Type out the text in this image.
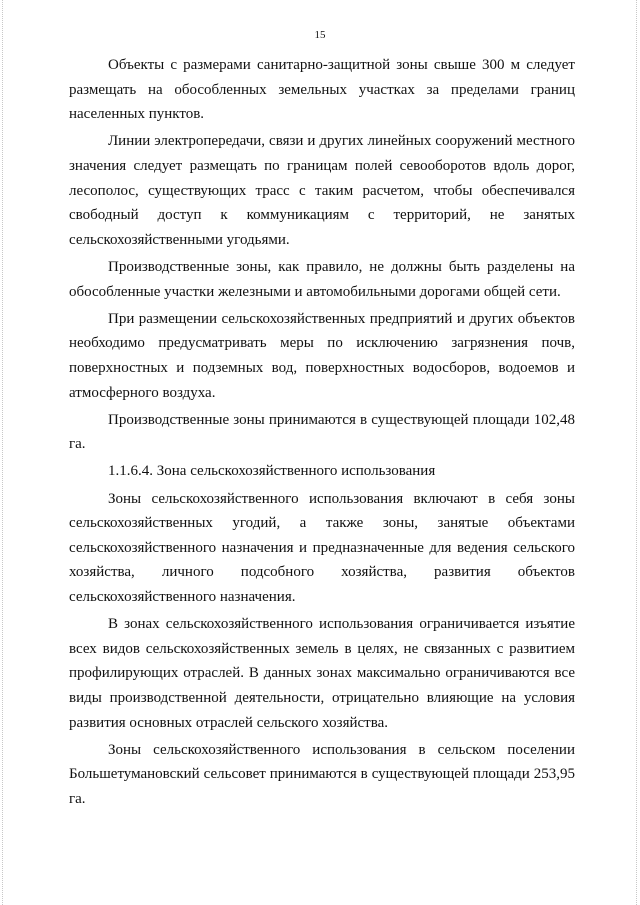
15

Объекты с размерами санитарно-защитной зоны свыше 300 м следует размещать на обособленных земельных участках за пределами границ населенных пунктов.

Линии электропередачи, связи и других линейных сооружений местного значения следует размещать по границам полей севооборотов вдоль дорог, лесополос, существующих трасс с таким расчетом, чтобы обеспечивался свободный доступ к коммуникациям с территорий, не занятых сельскохозяйственными угодьями.

Производственные зоны, как правило, не должны быть разделены на обособленные участки железными и автомобильными дорогами общей сети.

При размещении сельскохозяйственных предприятий и других объектов необходимо предусматривать меры по исключению загрязнения почв, поверхностных и подземных вод, поверхностных водосборов, водоемов и атмосферного воздуха.

Производственные зоны принимаются в существующей площади 102,48 га.

1.1.6.4. Зона сельскохозяйственного использования

Зоны сельскохозяйственного использования включают в себя зоны сельскохозяйственных угодий, а также зоны, занятые объектами сельскохозяйственного назначения и предназначенные для ведения сельского хозяйства, личного подсобного хозяйства, развития объектов сельскохозяйственного назначения.

В зонах сельскохозяйственного использования ограничивается изъятие всех видов сельскохозяйственных земель в целях, не связанных с развитием профилирующих отраслей. В данных зонах максимально ограничиваются все виды производственной деятельности, отрицательно влияющие на условия развития основных отраслей сельского хозяйства.

Зоны сельскохозяйственного использования в сельском поселении Большетумановский сельсовет принимаются в существующей площади 253,95 га.
